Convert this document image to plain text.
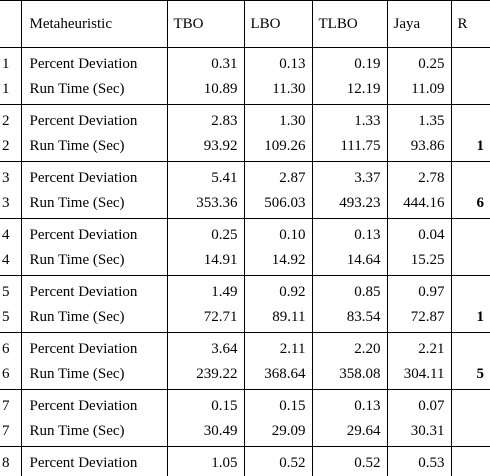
	Metaheuristic	TBO	LBO	TLBO	Jaya	R
1	Percent Deviation	0.31	0.13	0.19	0.25	
1	Run Time (Sec)	10.89	11.30	12.19	11.09	
2	Percent Deviation	2.83	1.30	1.33	1.35	
2	Run Time (Sec)	93.92	109.26	111.75	93.86	1
3	Percent Deviation	5.41	2.87	3.37	2.78	
3	Run Time (Sec)	353.36	506.03	493.23	444.16	6
4	Percent Deviation	0.25	0.10	0.13	0.04	
4	Run Time (Sec)	14.91	14.92	14.64	15.25	
5	Percent Deviation	1.49	0.92	0.85	0.97	
5	Run Time (Sec)	72.71	89.11	83.54	72.87	1
6	Percent Deviation	3.64	2.11	2.20	2.21	
6	Run Time (Sec)	239.22	368.64	358.08	304.11	5
7	Percent Deviation	0.15	0.15	0.13	0.07	
7	Run Time (Sec)	30.49	29.09	29.64	30.31	
8	Percent Deviation	1.05	0.52	0.52	0.53	
